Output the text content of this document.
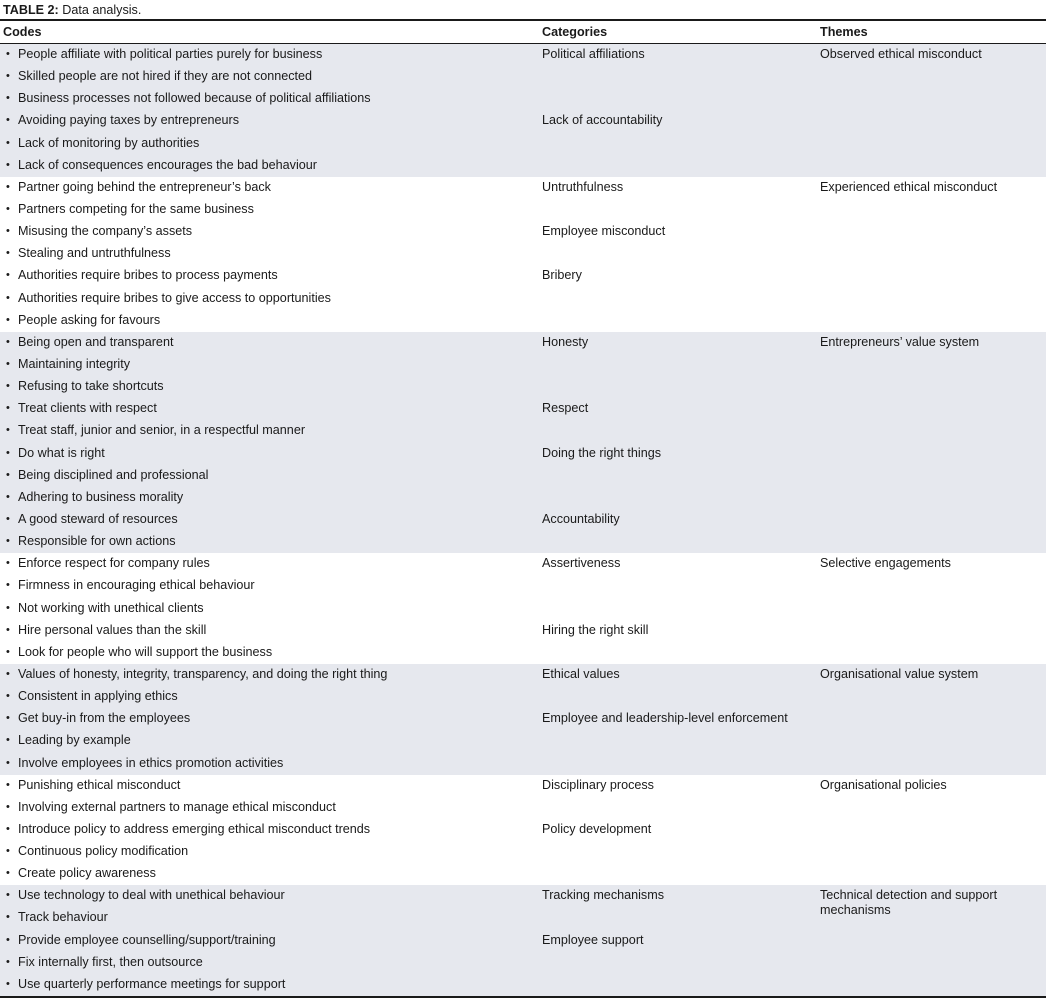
TABLE 2: Data analysis.
Codes	Categories	Themes
• People affiliate with political parties purely for business	Political affiliations	Observed ethical misconduct
• Skilled people are not hired if they are not connected
• Business processes not followed because of political affiliations
• Avoiding paying taxes by entrepreneurs	Lack of accountability
• Lack of monitoring by authorities
• Lack of consequences encourages the bad behaviour
• Partner going behind the entrepreneur’s back	Untruthfulness	Experienced ethical misconduct
• Partners competing for the same business
• Misusing the company’s assets	Employee misconduct
• Stealing and untruthfulness
• Authorities require bribes to process payments	Bribery
• Authorities require bribes to give access to opportunities
• People asking for favours
• Being open and transparent	Honesty	Entrepreneurs’ value system
• Maintaining integrity
• Refusing to take shortcuts
• Treat clients with respect	Respect
• Treat staff, junior and senior, in a respectful manner
• Do what is right	Doing the right things
• Being disciplined and professional
• Adhering to business morality
• A good steward of resources	Accountability
• Responsible for own actions
• Enforce respect for company rules	Assertiveness	Selective engagements
• Firmness in encouraging ethical behaviour
• Not working with unethical clients
• Hire personal values than the skill	Hiring the right skill
• Look for people who will support the business
• Values of honesty, integrity, transparency, and doing the right thing	Ethical values	Organisational value system
• Consistent in applying ethics
• Get buy-in from the employees	Employee and leadership-level enforcement
• Leading by example
• Involve employees in ethics promotion activities
• Punishing ethical misconduct	Disciplinary process	Organisational policies
• Involving external partners to manage ethical misconduct
• Introduce policy to address emerging ethical misconduct trends	Policy development
• Continuous policy modification
• Create policy awareness
• Use technology to deal with unethical behaviour	Tracking mechanisms	Technical detection and support mechanisms
• Track behaviour
• Provide employee counselling/support/training	Employee support
• Fix internally first, then outsource
• Use quarterly performance meetings for support
